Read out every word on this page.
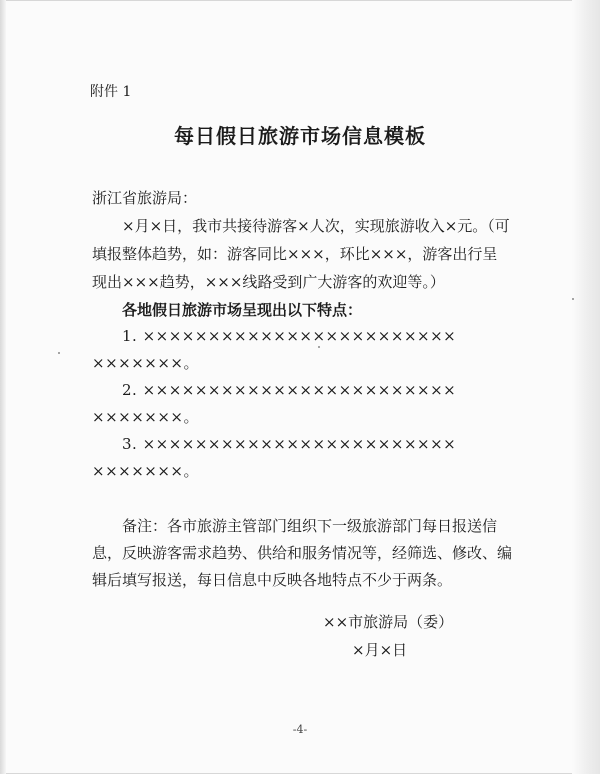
附件 1
每日假日旅游市场信息模板
浙江省旅游局：
×月×日，我市共接待游客×人次，实现旅游收入×元。（可
填报整体趋势，如：游客同比×××，环比×××，游客出行呈
现出×××趋势，×××线路受到广大游客的欢迎等。）
各地假日旅游市场呈现出以下特点：
1. ××××××××××××××××××××××××
×××××××。
2. ××××××××××××××××××××××××
×××××××。
3. ××××××××××××××××××××××××
×××××××。
备注：各市旅游主管部门组织下一级旅游部门每日报送信
息，反映游客需求趋势、供给和服务情况等，经筛选、修改、编
辑后填写报送，每日信息中反映各地特点不少于两条。
××市旅游局（委）
×月×日
-4-
